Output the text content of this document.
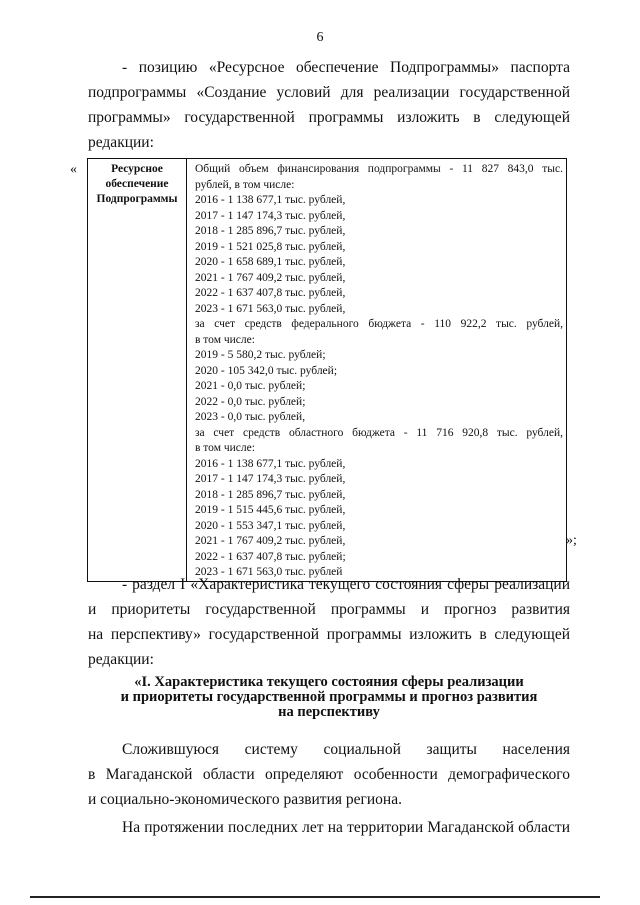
6
- позицию «Ресурсное обеспечение Подпрограммы» паспорта
подпрограммы «Создание условий для реализации государственной
программы» государственной программы изложить в следующей
редакции:
«	Ресурсное
обеспечение
Подпрограммы

Общий объем финансирования подпрограммы - 11 827 843,0 тыс.
рублей, в том числе:
2016 - 1 138 677,1 тыс. рублей,
2017 - 1 147 174,3 тыс. рублей,
2018 - 1 285 896,7 тыс. рублей,
2019 - 1 521 025,8 тыс. рублей,
2020 - 1 658 689,1 тыс. рублей,
2021 - 1 767 409,2 тыс. рублей,
2022 - 1 637 407,8 тыс. рублей,
2023 - 1 671 563,0 тыс. рублей,
за счет средств федерального бюджета - 110 922,2 тыс. рублей,
в том числе:
2019 - 5 580,2 тыс. рублей;
2020 - 105 342,0 тыс. рублей;
2021 - 0,0 тыс. рублей;
2022 - 0,0 тыс. рублей;
2023 - 0,0 тыс. рублей,
за счет средств областного бюджета - 11 716 920,8 тыс. рублей,
в том числе:
2016 - 1 138 677,1 тыс. рублей,
2017 - 1 147 174,3 тыс. рублей,
2018 - 1 285 896,7 тыс. рублей,
2019 - 1 515 445,6 тыс. рублей,
2020 - 1 553 347,1 тыс. рублей,
2021 - 1 767 409,2 тыс. рублей,
2022 - 1 637 407,8 тыс. рублей;
2023 - 1 671 563,0 тыс. рублей
»;
- раздел I «Характеристика текущего состояния сферы реализации
и приоритеты государственной программы и прогноз развития
на перспективу» государственной программы изложить в следующей
редакции:
«I. Характеристика текущего состояния сферы реализации
и приоритеты государственной программы и прогноз развития
на перспективу
Сложившуюся систему социальной защиты населения
в Магаданской области определяют особенности демографического
и социально-экономического развития региона.
На протяжении последних лет на территории Магаданской области
